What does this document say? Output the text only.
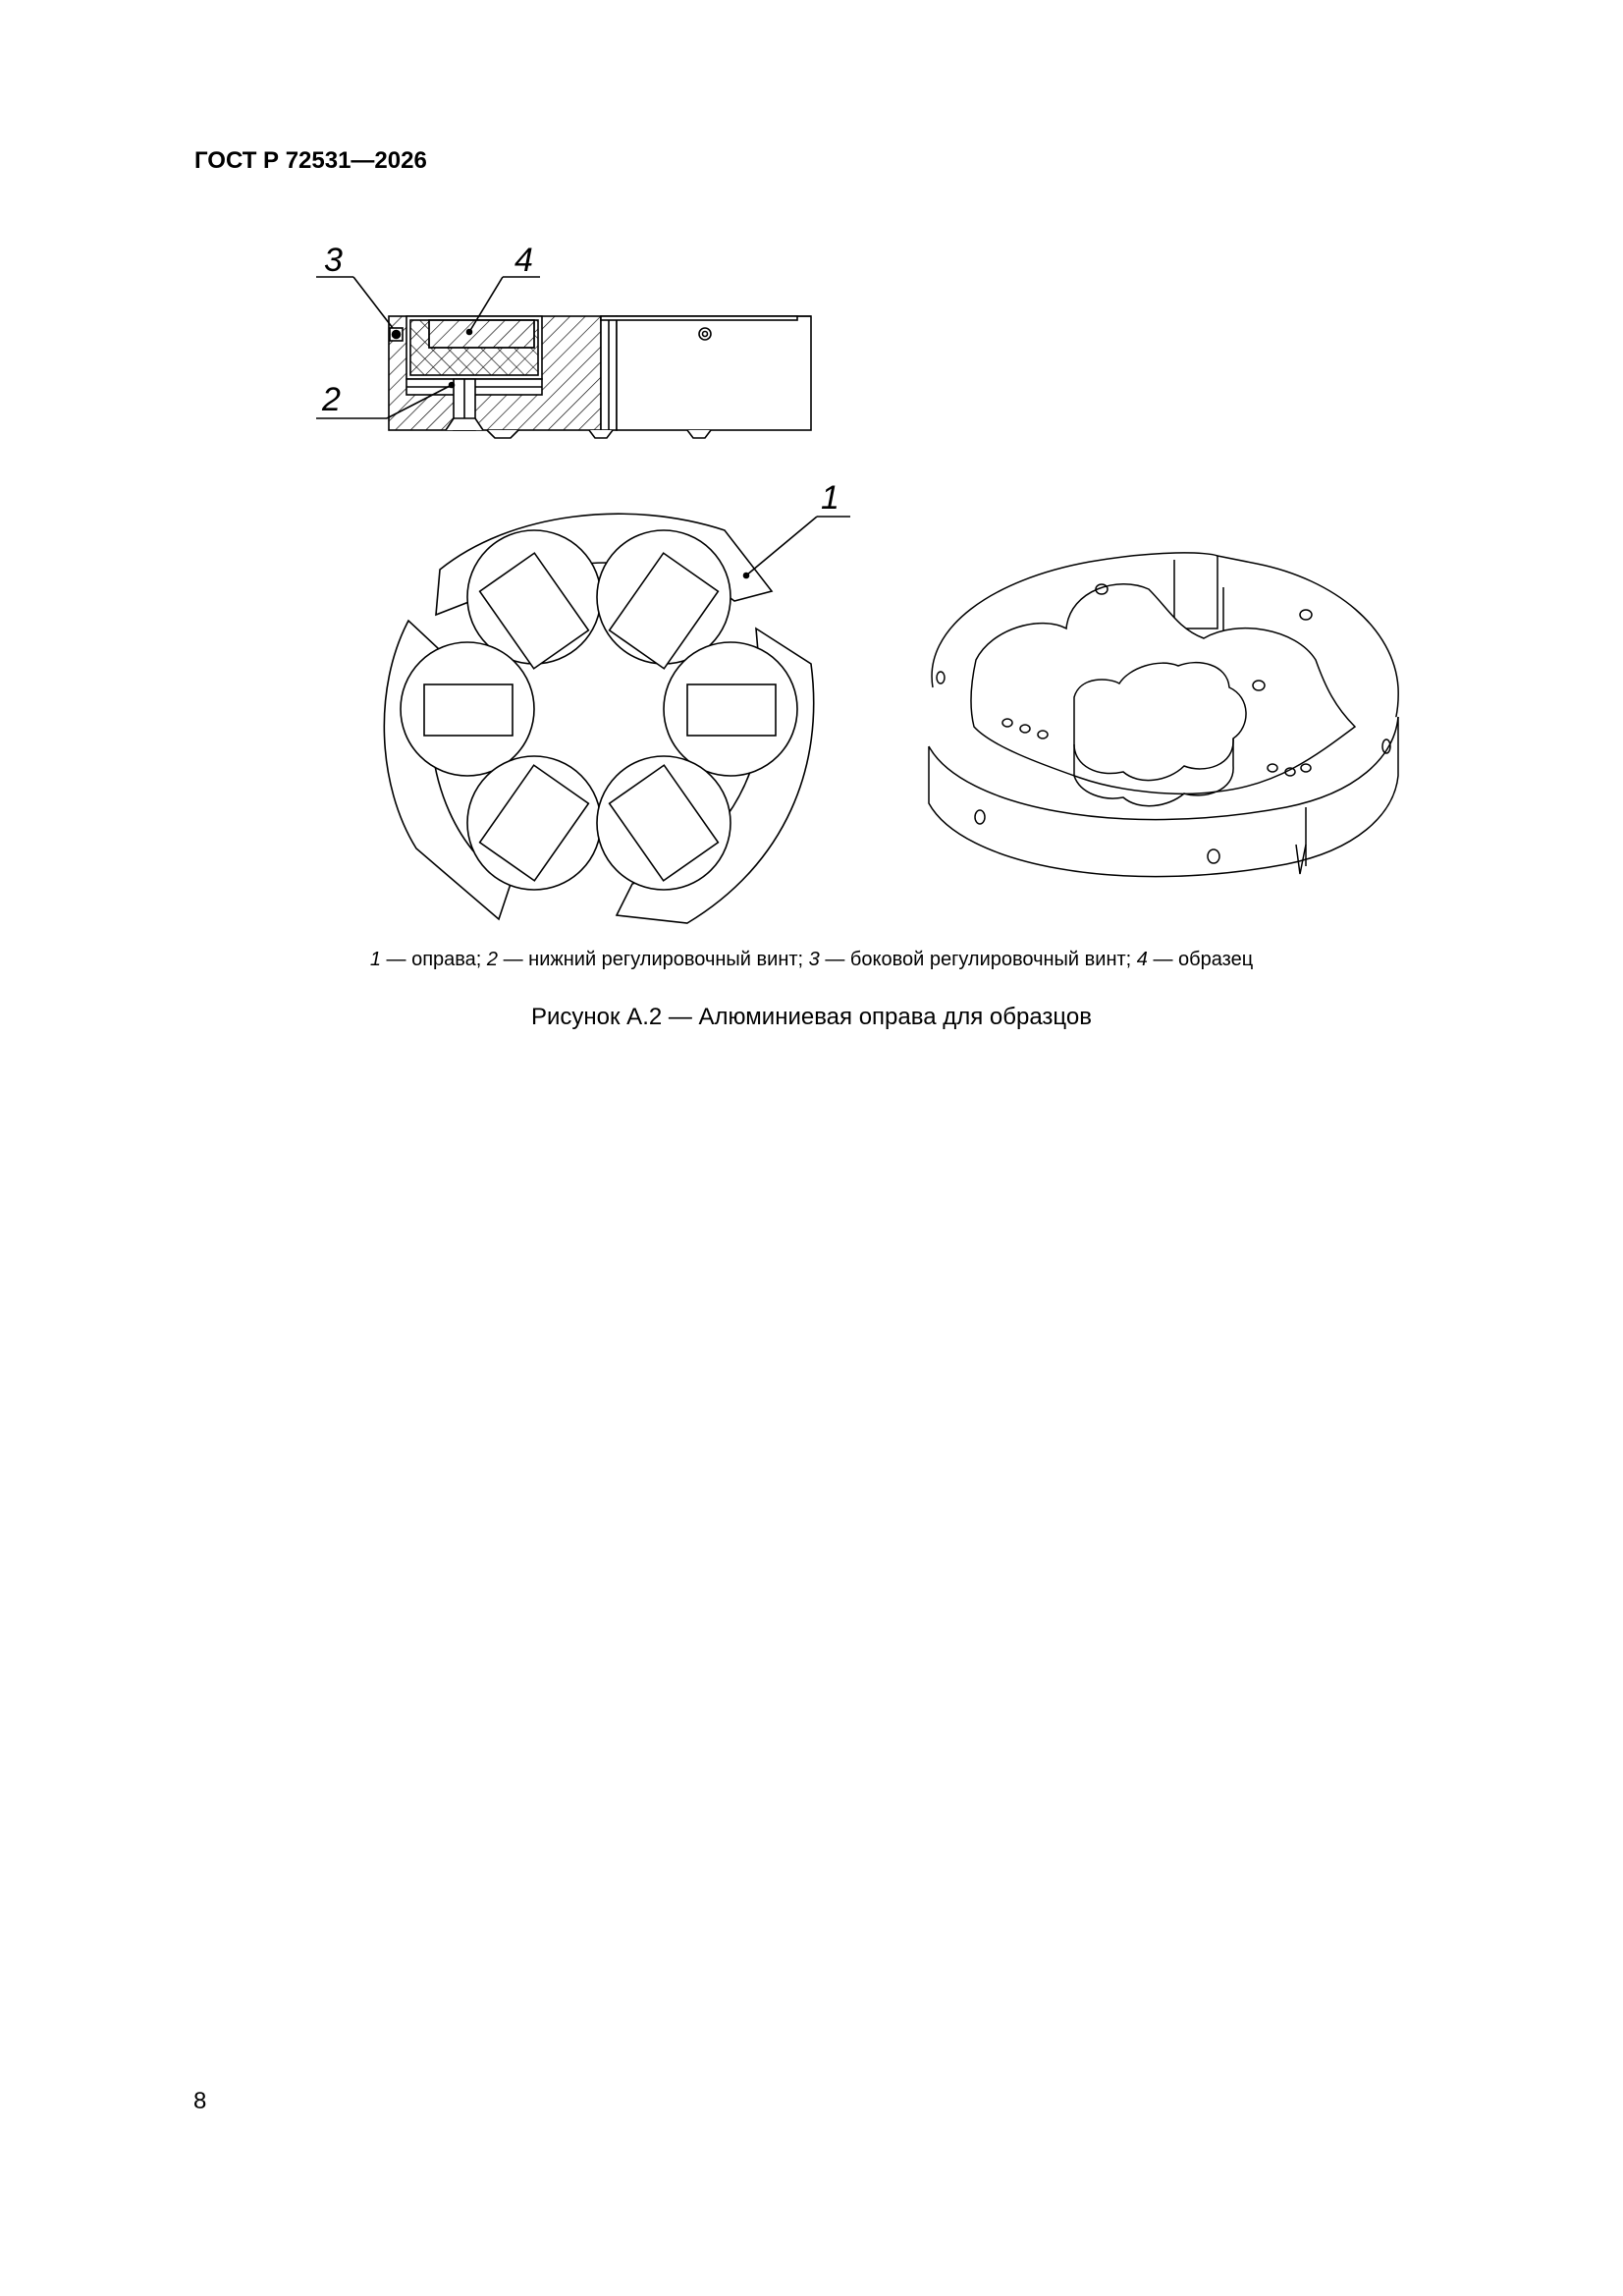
ГОСТ Р 72531—2026
3	4
2
1
1 — оправа; 2 — нижний регулировочный винт; 3 — боковой регулировочный винт; 4 — образец
Рисунок А.2 — Алюминиевая оправа для образцов
8
